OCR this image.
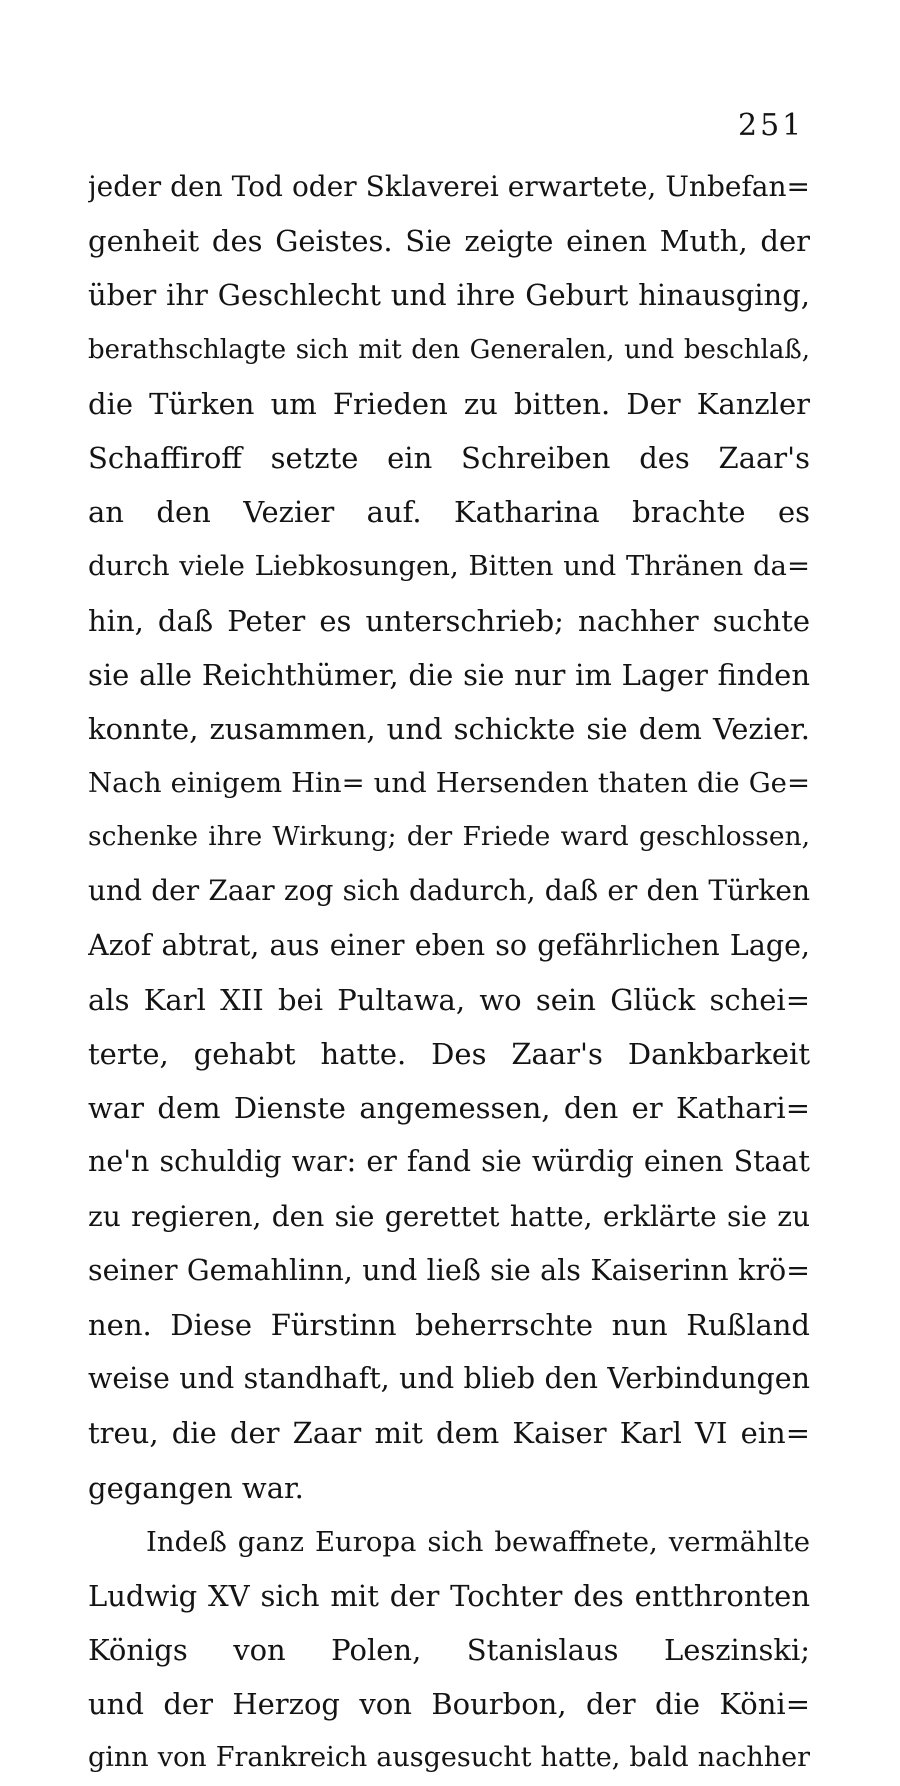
251
jeder den Tod oder Sklaverei erwartete, Unbefan=
genheit des Geistes. Sie zeigte einen Muth, der
über ihr Geschlecht und ihre Geburt hinausging,
berathschlagte sich mit den Generalen, und beschlaß,
die Türken um Frieden zu bitten. Der Kanzler
Schaffiroff setzte ein Schreiben des Zaar's
an den Vezier auf. Katharina brachte es
durch viele Liebkosungen, Bitten und Thränen da=
hin, daß Peter es unterschrieb; nachher suchte
sie alle Reichthümer, die sie nur im Lager finden
konnte, zusammen, und schickte sie dem Vezier.
Nach einigem Hin= und Hersenden thaten die Ge=
schenke ihre Wirkung; der Friede ward geschlossen,
und der Zaar zog sich dadurch, daß er den Türken
Azof abtrat, aus einer eben so gefährlichen Lage,
als Karl XII bei Pultawa, wo sein Glück schei=
terte, gehabt hatte. Des Zaar's Dankbarkeit
war dem Dienste angemessen, den er Kathari=
ne'n schuldig war: er fand sie würdig einen Staat
zu regieren, den sie gerettet hatte, erklärte sie zu
seiner Gemahlinn, und ließ sie als Kaiserinn krö=
nen. Diese Fürstinn beherrschte nun Rußland
weise und standhaft, und blieb den Verbindungen
treu, die der Zaar mit dem Kaiser Karl VI ein=
gegangen war.
Indeß ganz Europa sich bewaffnete, vermählte
Ludwig XV sich mit der Tochter des entthronten
Königs von Polen, Stanislaus Leszinski;
und der Herzog von Bourbon, der die Köni=
ginn von Frankreich ausgesucht hatte, bald nachher
